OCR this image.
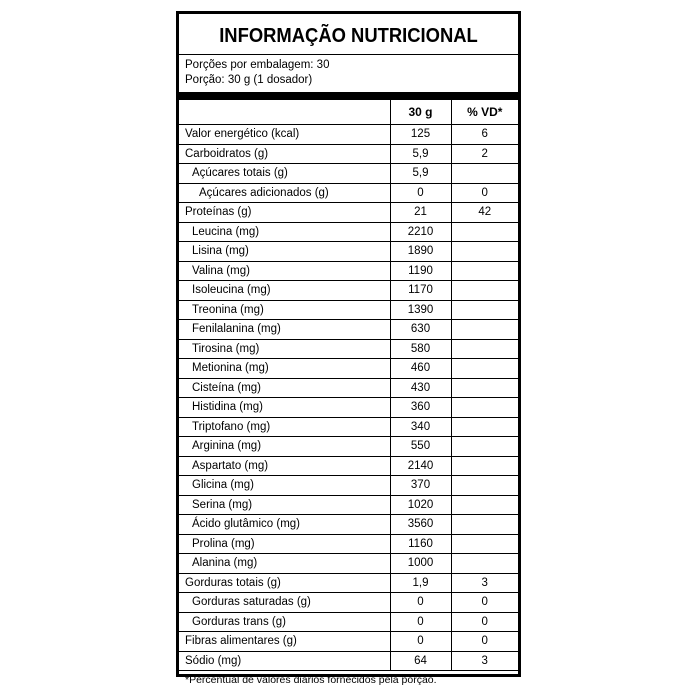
INFORMAÇÃO NUTRICIONAL
Porções por embalagem: 30
Porção: 30 g (1 dosador)
	30 g	% VD*
Valor energético (kcal)	125	6
Carboidratos (g)	5,9	2
Açúcares totais (g)	5,9	
Açúcares adicionados (g)	0	0
Proteínas (g)	21	42
Leucina (mg)	2210	
Lisina (mg)	1890	
Valina (mg)	1190	
Isoleucina (mg)	1170	
Treonina (mg)	1390	
Fenilalanina (mg)	630	
Tirosina (mg)	580	
Metionina (mg)	460	
Cisteína (mg)	430	
Histidina (mg)	360	
Triptofano (mg)	340	
Arginina (mg)	550	
Aspartato (mg)	2140	
Glicina (mg)	370	
Serina (mg)	1020	
Ácido glutâmico (mg)	3560	
Prolina (mg)	1160	
Alanina (mg)	1000	
Gorduras totais (g)	1,9	3
Gorduras saturadas (g)	0	0
Gorduras trans (g)	0	0
Fibras alimentares (g)	0	0
Sódio (mg)	64	3
*Percentual de valores diários fornecidos pela porção.
